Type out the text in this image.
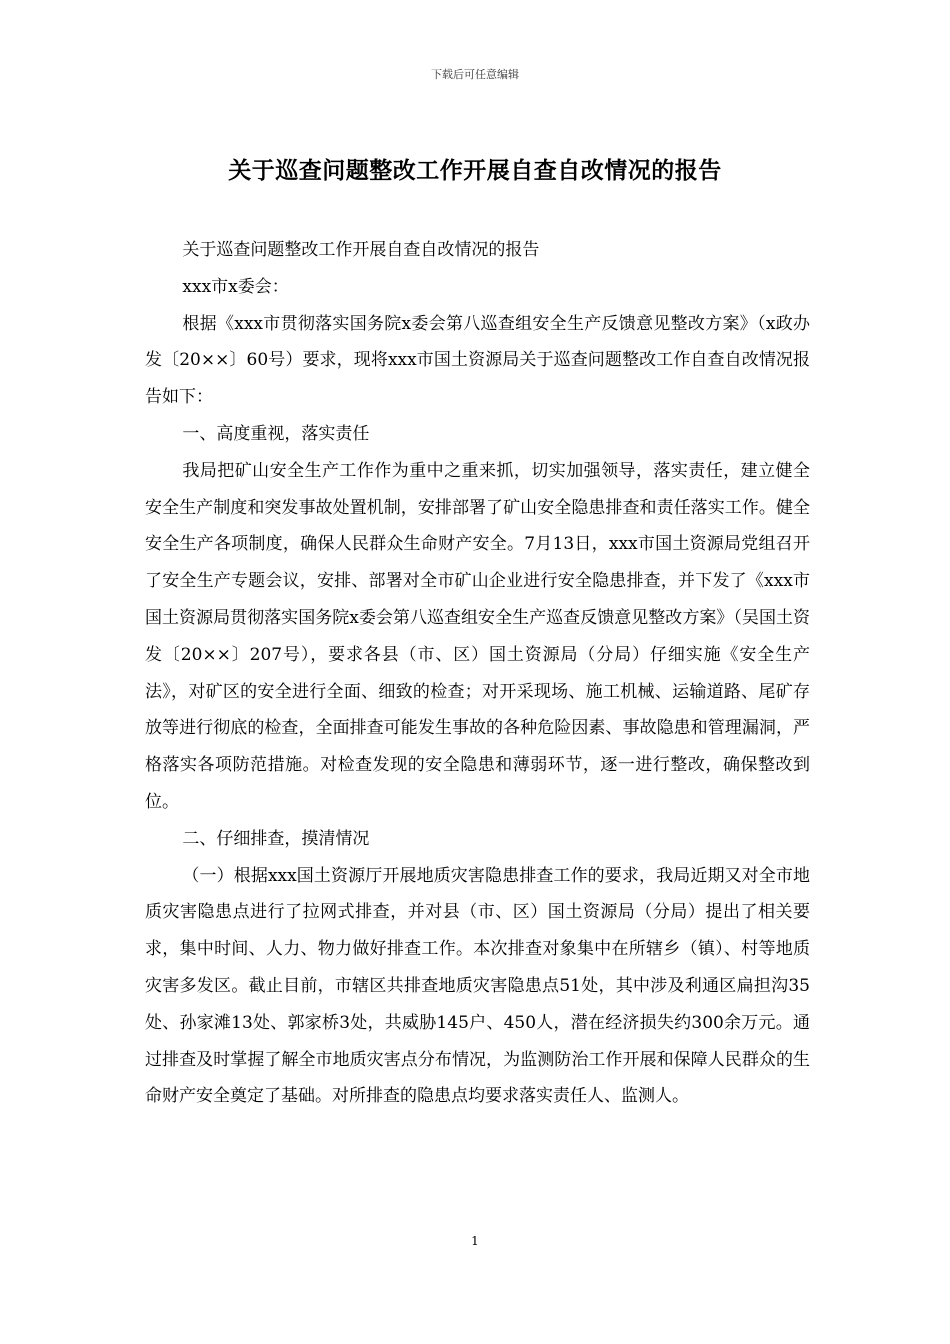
下载后可任意编辑
关于巡查问题整改工作开展自查自改情况的报告

关于巡查问题整改工作开展自查自改情况的报告

xxx市x委会：

根据《xxx市贯彻落实国务院x委会第八巡查组安全生产反馈意见整改方案》（x政办发〔20××〕60号）要求，现将xxx市国土资源局关于巡查问题整改工作自查自改情况报告如下：

一、高度重视，落实责任

我局把矿山安全生产工作作为重中之重来抓，切实加强领导，落实责任，建立健全安全生产制度和突发事故处置机制，安排部署了矿山安全隐患排查和责任落实工作。健全安全生产各项制度，确保人民群众生命财产安全。7月13日，xxx市国土资源局党组召开了安全生产专题会议，安排、部署对全市矿山企业进行安全隐患排查，并下发了《xxx市国土资源局贯彻落实国务院x委会第八巡查组安全生产巡查反馈意见整改方案》（吴国土资发〔20××〕207号），要求各县（市、区）国土资源局（分局）仔细实施《安全生产法》，对矿区的安全进行全面、细致的检查；对开采现场、施工机械、运输道路、尾矿存放等进行彻底的检查，全面排查可能发生事故的各种危险因素、事故隐患和管理漏洞，严格落实各项防范措施。对检查发现的安全隐患和薄弱环节，逐一进行整改，确保整改到位。

二、仔细排查，摸清情况

（一）根据xxx国土资源厅开展地质灾害隐患排查工作的要求，我局近期又对全市地质灾害隐患点进行了拉网式排查，并对县（市、区）国土资源局（分局）提出了相关要求，集中时间、人力、物力做好排查工作。本次排查对象集中在所辖乡（镇）、村等地质灾害多发区。截止目前，市辖区共排查地质灾害隐患点51处，其中涉及利通区扁担沟35处、孙家滩13处、郭家桥3处，共威胁145户、450人，潜在经济损失约300余万元。通过排查及时掌握了解全市地质灾害点分布情况，为监测防治工作开展和保障人民群众的生命财产安全奠定了基础。对所排查的隐患点均要求落实责任人、监测人。

1
